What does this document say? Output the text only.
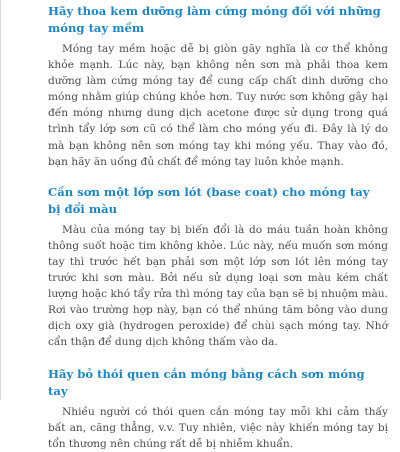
Hãy thoa kem dưỡng làm cứng móng đối với những móng tay mềm

Móng tay mềm hoặc dễ bị giòn gãy nghĩa là cơ thể không khỏe mạnh. Lúc này, bạn không nên sơn mà phải thoa kem dưỡng làm cứng móng tay để cung cấp chất dinh dưỡng cho móng nhằm giúp chúng khỏe hơn. Tuy nước sơn không gây hại đến móng nhưng dung dịch acetone được sử dụng trong quá trình tẩy lớp sơn cũ có thể làm cho móng yếu đi. Đây là lý do mà bạn không nên sơn móng tay khi móng yếu. Thay vào đó, bạn hãy ăn uống đủ chất để móng tay luôn khỏe mạnh.

Cần sơn một lớp sơn lót (base coat) cho móng tay bị đổi màu

Màu của móng tay bị biến đổi là do máu tuần hoàn không thông suốt hoặc tim không khỏe. Lúc này, nếu muốn sơn móng tay thì trước hết bạn phải sơn một lớp sơn lót lên móng tay trước khi sơn màu. Bởi nếu sử dụng loại sơn màu kém chất lượng hoặc khó tẩy rửa thì móng tay của bạn sẽ bị nhuộm màu. Rơi vào trường hợp này, bạn có thể nhúng tăm bông vào dung dịch oxy già (hydrogen peroxide) để chùi sạch móng tay. Nhớ cẩn thận để dung dịch không thấm vào da.

Hãy bỏ thói quen cắn móng bằng cách sơn móng tay

Nhiều người có thói quen cắn móng tay mỗi khi cảm thấy bất an, căng thẳng, v.v. Tuy nhiên, việc này khiến móng tay bị tổn thương nên chúng rất dễ bị nhiễm khuẩn.
